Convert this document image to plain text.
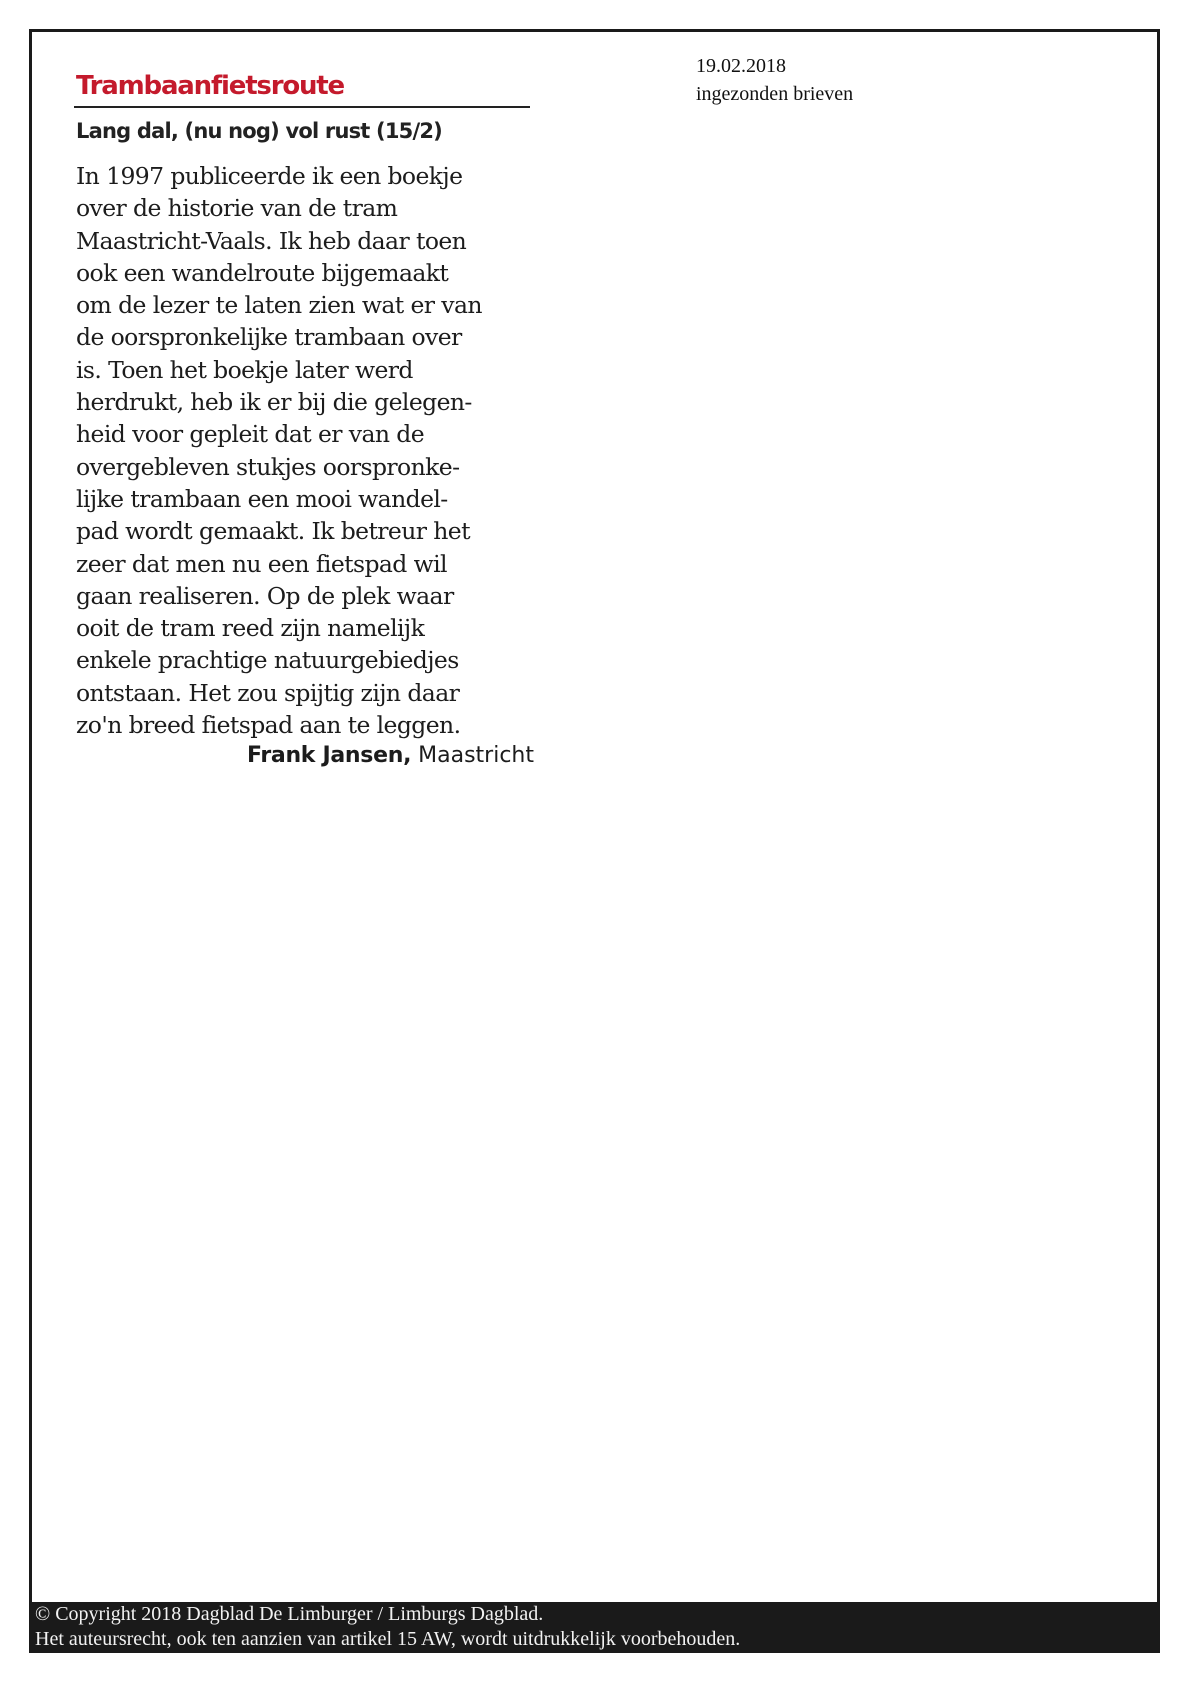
19.02.2018
ingezonden brieven
Trambaanfietsroute
Lang dal, (nu nog) vol rust (15/2)
In 1997 publiceerde ik een boekje
over de historie van de tram
Maastricht-Vaals. Ik heb daar toen
ook een wandelroute bijgemaakt
om de lezer te laten zien wat er van
de oorspronkelijke trambaan over
is. Toen het boekje later werd
herdrukt, heb ik er bij die gelegen-
heid voor gepleit dat er van de
overgebleven stukjes oorspronke-
lijke trambaan een mooi wandel-
pad wordt gemaakt. Ik betreur het
zeer dat men nu een fietspad wil
gaan realiseren. Op de plek waar
ooit de tram reed zijn namelijk
enkele prachtige natuurgebiedjes
ontstaan. Het zou spijtig zijn daar
zo'n breed fietspad aan te leggen.
Frank Jansen, Maastricht
© Copyright 2018 Dagblad De Limburger / Limburgs Dagblad.
Het auteursrecht, ook ten aanzien van artikel 15 AW, wordt uitdrukkelijk voorbehouden.
